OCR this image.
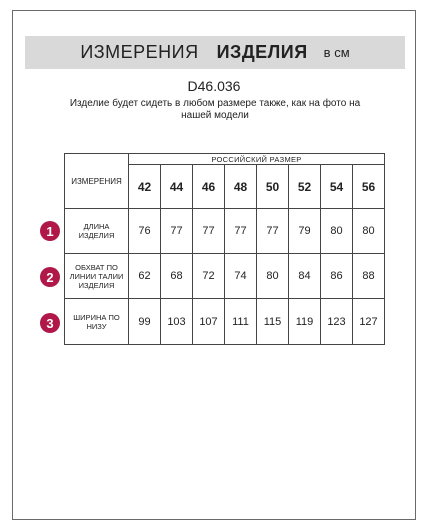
ИЗМЕРЕНИЯ ИЗДЕЛИЯ в см
D46.036
Изделие будет сидеть в любом размере также, как на фото на нашей модели
ИЗМЕРЕНИЯ	РОССИЙСКИЙ РАЗМЕР							
	42	44	46	48	50	52	54	56
ДЛИНА ИЗДЕЛИЯ	76	77	77	77	77	79	80	80
ОБХВАТ ПО ЛИНИИ ТАЛИИ ИЗДЕЛИЯ	62	68	72	74	80	84	86	88
ШИРИНА ПО НИЗУ	99	103	107	111	115	119	123	127
1
2
3
